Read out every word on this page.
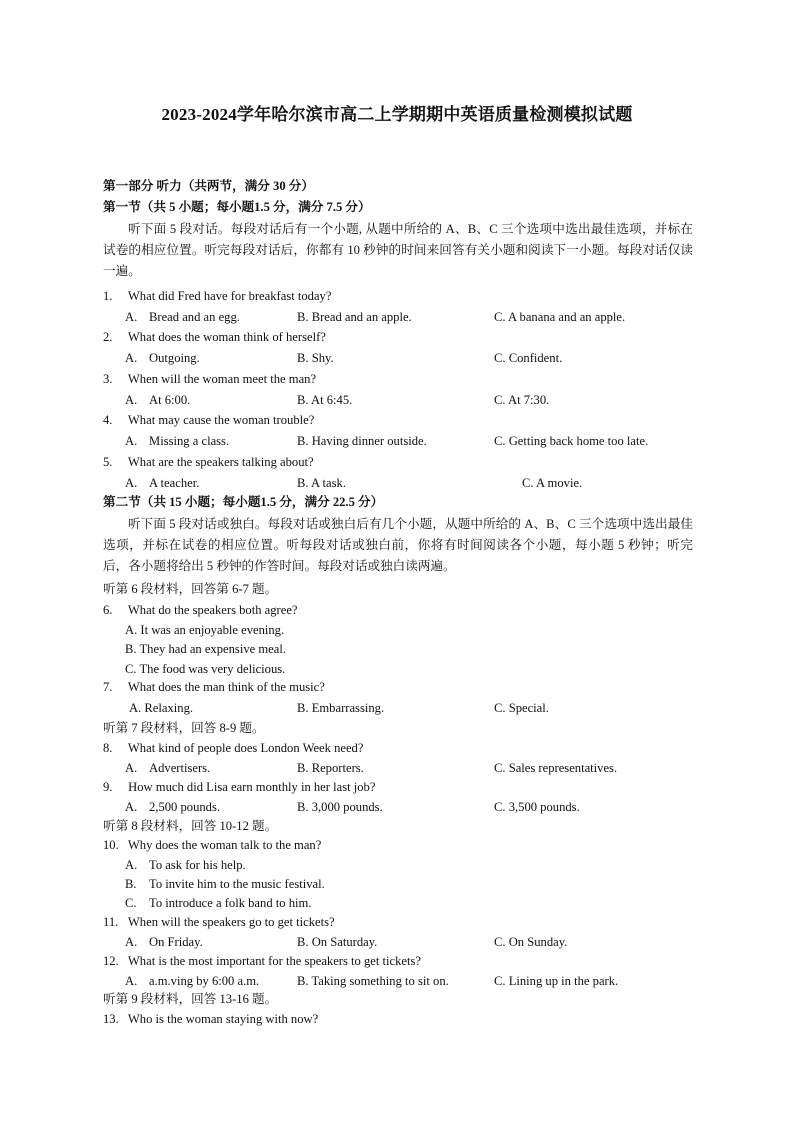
2023-2024学年哈尔滨市高二上学期期中英语质量检测模拟试题
第一部分 听力（共两节，满分 30 分）
第一节（共 5 小题；每小题1.5 分，满分 7.5 分）
听下面 5 段对话。每段对话后有一个小题, 从题中所给的 A、B、C 三个选项中选出最佳选项，并标在试卷的相应位置。听完每段对话后，你都有 10 秒钟的时间来回答有关小题和阅读下一小题。每段对话仅读一遍。
1. What did Fred have for breakfast today?
A. Bread and an egg.	B. Bread and an apple.	C. A banana and an apple.
2. What does the woman think of herself?
A. Outgoing.	B. Shy.	C. Confident.
3. When will the woman meet the man?
A. At 6:00.	B. At 6:45.	C. At 7:30.
4. What may cause the woman trouble?
A. Missing a class.	B. Having dinner outside.	C. Getting back home too late.
5. What are the speakers talking about?
A. A teacher.	B. A task.	C. A movie.
第二节（共 15 小题；每小题1.5 分，满分 22.5 分）
听下面 5 段对话或独白。每段对话或独白后有几个小题，从题中所给的 A、B、C 三个选项中选出最佳选项，并标在试卷的相应位置。听每段对话或独白前，你将有时间阅读各个小题，每小题 5 秒钟；听完后，各小题将给出 5 秒钟的作答时间。每段对话或独白读两遍。
听第 6 段材料，回答第 6-7 题。
6. What do the speakers both agree?
A. It was an enjoyable evening.
B. They had an expensive meal.
C. The food was very delicious.
7. What does the man think of the music?
A. Relaxing.	B. Embarrassing.	C. Special.
听第 7 段材料，回答 8-9 题。
8. What kind of people does London Week need?
A. Advertisers.	B. Reporters.	C. Sales representatives.
9. How much did Lisa earn monthly in her last job?
A. 2,500 pounds.	B. 3,000 pounds.	C. 3,500 pounds.
听第 8 段材料，回答 10-12 题。
10. Why does the woman talk to the man?
A. To ask for his help.
B. To invite him to the music festival.
C. To introduce a folk band to him.
11. When will the speakers go to get tickets?
A. On Friday.	B. On Saturday.	C. On Sunday.
12. What is the most important for the speakers to get tickets?
A. a.m.ving by 6:00 a.m.	B. Taking something to sit on.	C. Lining up in the park.
听第 9 段材料，回答 13-16 题。
13. Who is the woman staying with now?
